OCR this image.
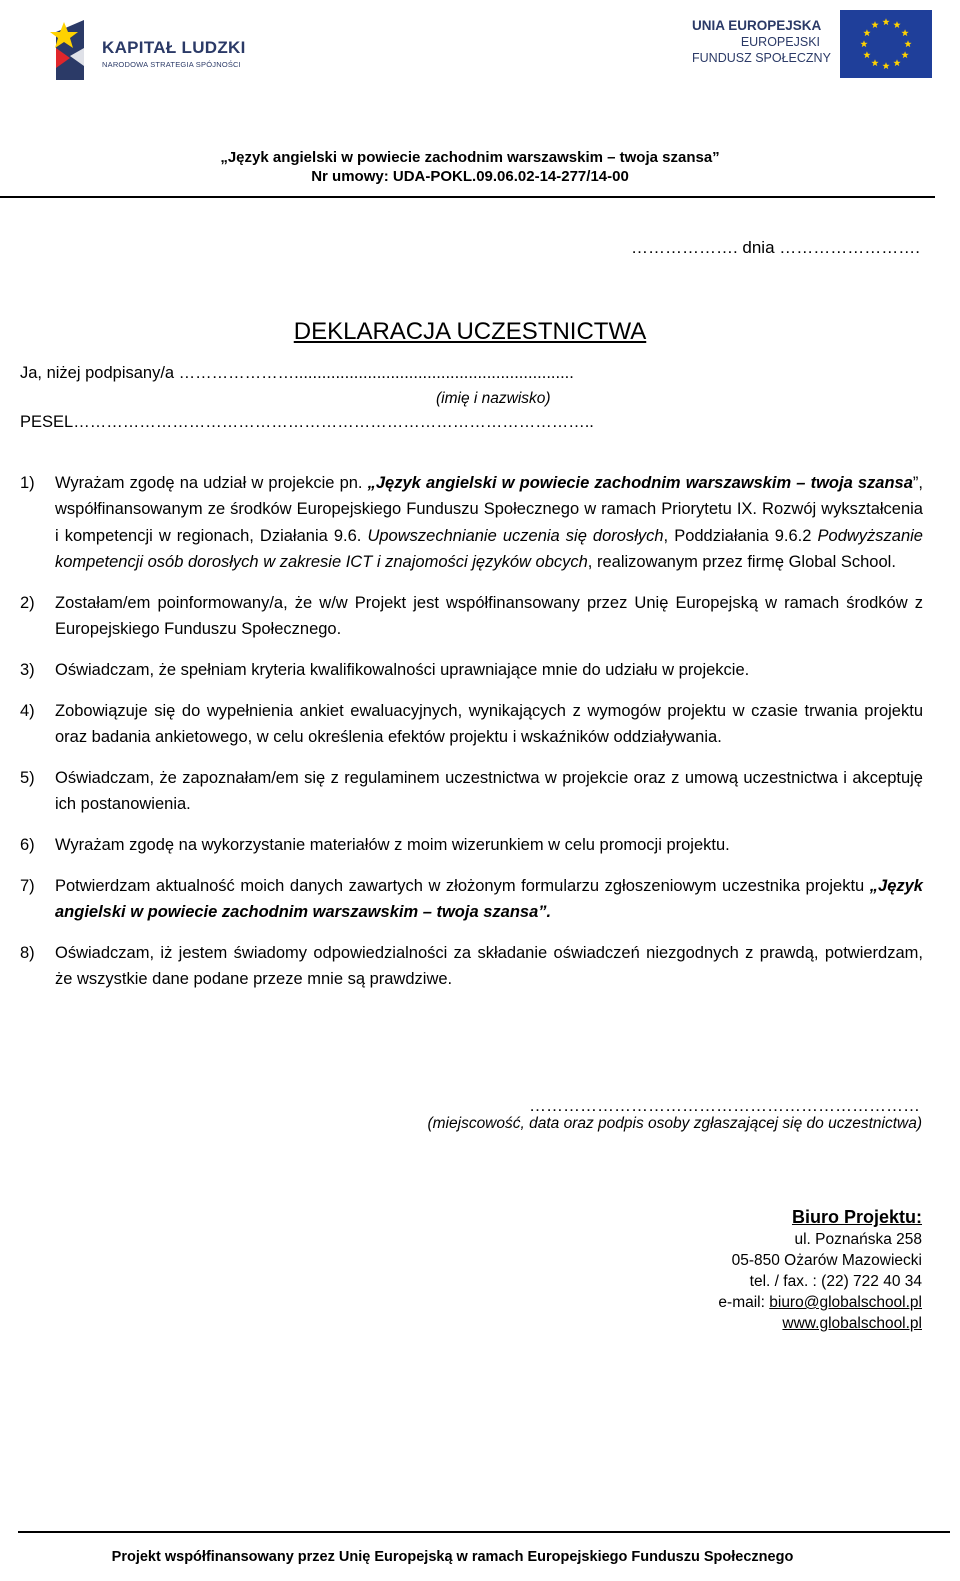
KAPITAŁ LUDZKI
NARODOWA STRATEGIA SPÓJNOŚCI
UNIA EUROPEJSKA
EUROPEJSKI
FUNDUSZ SPOŁECZNY
„Język angielski w powiecie zachodnim warszawskim – twoja szansa”
Nr umowy: UDA-POKL.09.06.02-14-277/14-00
………………. dnia …………………….
DEKLARACJA UCZESTNICTWA
Ja, niżej podpisany/a ………………….............................................................
(imię i nazwisko)
PESEL…………………………………………………………………………………..
1) Wyrażam zgodę na udział w projekcie pn. „Język angielski w powiecie zachodnim warszawskim – twoja szansa”, współfinansowanym ze środków Europejskiego Funduszu Społecznego w ramach Priorytetu IX. Rozwój wykształcenia i kompetencji w regionach, Działania 9.6. Upowszechnianie uczenia się dorosłych, Poddziałania 9.6.2 Podwyższanie kompetencji osób dorosłych w zakresie ICT i znajomości języków obcych, realizowanym przez firmę Global School.

2) Zostałam/em poinformowany/a, że w/w Projekt jest współfinansowany przez Unię Europejską w ramach środków z Europejskiego Funduszu Społecznego.

3) Oświadczam, że spełniam kryteria kwalifikowalności uprawniające mnie do udziału w projekcie.

4) Zobowiązuje się do wypełnienia ankiet ewaluacyjnych, wynikających z wymogów projektu w czasie trwania projektu oraz badania ankietowego, w celu określenia efektów projektu i wskaźników oddziaływania.

5) Oświadczam, że zapoznałam/em się z regulaminem uczestnictwa w projekcie oraz z umową uczestnictwa i akceptuję ich postanowienia.

6) Wyrażam zgodę na wykorzystanie materiałów z moim wizerunkiem w celu promocji projektu.

7) Potwierdzam aktualność moich danych zawartych w złożonym formularzu zgłoszeniowym uczestnika projektu „Język angielski w powiecie zachodnim warszawskim – twoja szansa”.

8) Oświadczam, iż jestem świadomy odpowiedzialności za składanie oświadczeń niezgodnych z prawdą, potwierdzam, że wszystkie dane podane przeze mnie są prawdziwe.

……………………………………………………………
(miejscowość, data oraz podpis osoby zgłaszającej się do uczestnictwa)
Biuro Projektu:
ul. Poznańska 258
05-850 Ożarów Mazowiecki
tel. / fax. : (22) 722 40 34
e-mail: biuro@globalschool.pl
www.globalschool.pl
Projekt współfinansowany przez Unię Europejską w ramach Europejskiego Funduszu Społecznego
